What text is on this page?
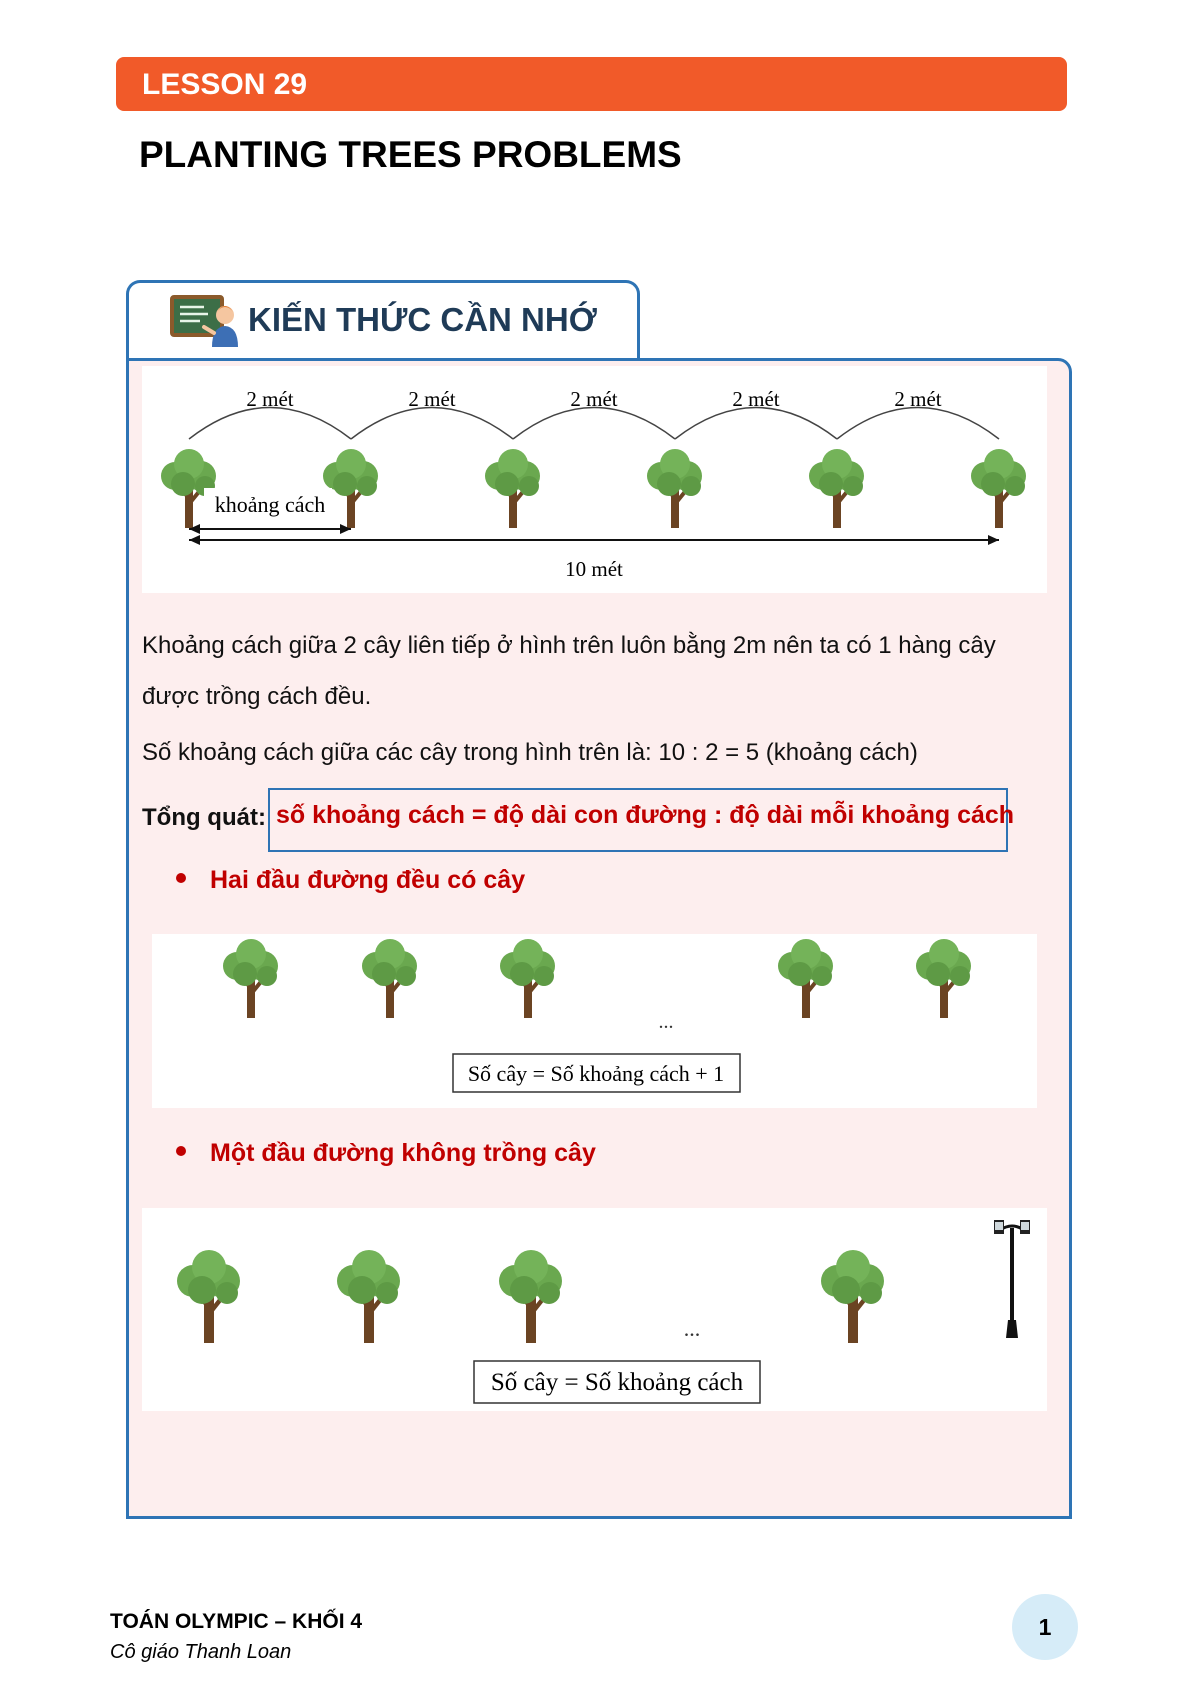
LESSON 29
PLANTING TREES PROBLEMS
KIẾN THỨC CẦN NHỚ
2 mét	2 mét	2 mét	2 mét	2 mét
khoảng cách
10 mét
Khoảng cách giữa 2 cây liên tiếp ở hình trên luôn bằng 2m nên ta có 1 hàng cây được trồng cách đều.
Số khoảng cách giữa các cây trong hình trên là: 10 : 2 = 5 (khoảng cách)
Tổng quát: số khoảng cách = độ dài con đường : độ dài mỗi khoảng cách
Hai đầu đường đều có cây
...
Số cây = Số khoảng cách + 1
Một đầu đường không trồng cây
...
Số cây = Số khoảng cách
TOÁN OLYMPIC – KHỐI 4
Cô giáo Thanh Loan
1
